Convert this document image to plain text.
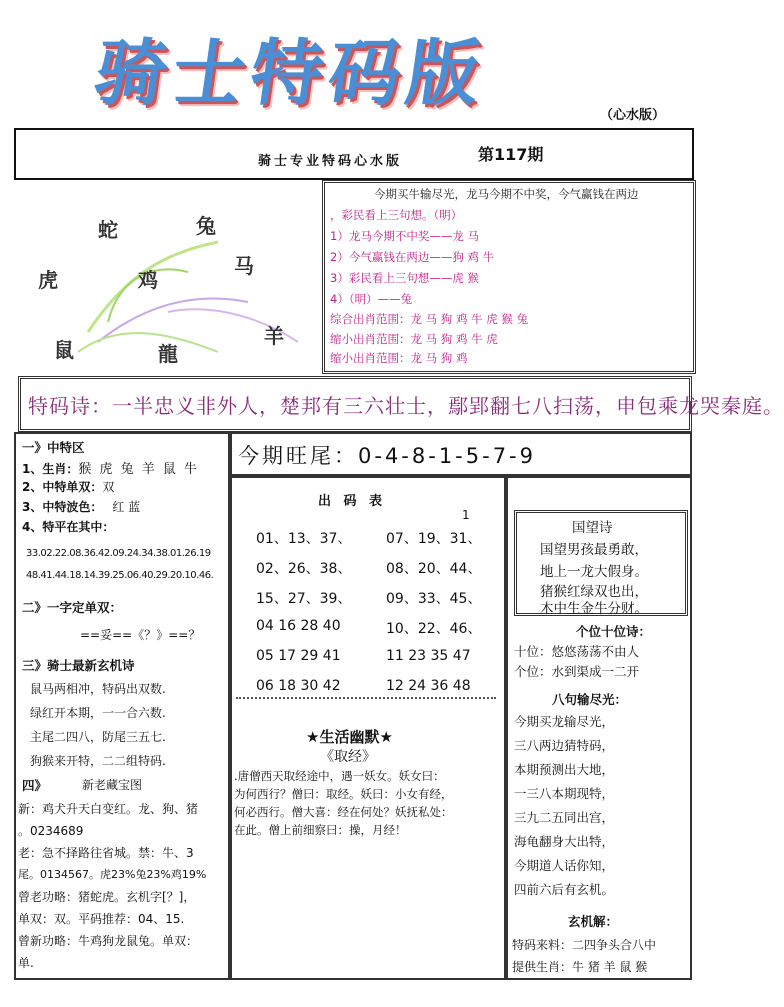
骑士特码版
（心水版）
骑士专业特码心水版	第117期
蛇	兔
虎	鸡
马
鼠
羊
龍
今期买牛输尽光，龙马今期不中奖，今气赢钱在两边
，彩民看上三句想。（明）
1）龙马今期不中奖——龙 马
2）今气赢钱在两边——狗 鸡 牛
3）彩民看上三句想——虎 猴
4）（明）——兔
综合出肖范围：龙 马 狗 鸡 牛 虎 猴 兔
缩小出肖范围：龙 马 狗 鸡 牛 虎
缩小出肖范围：龙 马 狗 鸡
特码诗：一半忠义非外人，楚邦有三六壮士，鄢郢翻七八扫荡，申包乘龙哭秦庭。
一》中特区
1、生肖：猴 虎 兔 羊 鼠 牛
2、中特单双：双
3、中特波色： 红 蓝
4、特平在其中：
33.02.22.08.36.42.09.24.34.38.01.26.19
48.41.44.18.14.39.25.06.40.29.20.10.46.
二》一字定单双：
==妥==《？》==？
三》骑士最新玄机诗
鼠马两相冲，特码出双数.
绿红开本期，一一合六数.
主尾二四八，防尾三五七.
狗猴来开特，二二组特码.
四》	新老藏宝图
新：鸡犬升天白变红。龙、狗、猪
。0234689
老：急不择路往省城。禁：牛、3
尾。0134567。虎23%兔23%鸡19%
曾老功略：猪蛇虎。玄机字[？]，
单双：双。平码推荐：04、15.
曾新功略：牛鸡狗龙鼠兔。单双：
单.
今期旺尾：0-4-8-1-5-7-9
出 码 表
1
01、13、37、 07、19、31、
02、26、38、 08、20、44、
15、27、39、 09、33、45、
04 16 28 40	10、22、46、
05 17 29 41	11 23 35 47
06 18 30 42	12 24 36 48
★生活幽默★
《取经》
.唐僧西天取经途中，遇一妖女。妖女曰：
为何西行？僧曰：取经。妖曰：小女有经，
何必西行。僧大喜：经在何处？妖抚私处：
在此。僧上前细察曰：操，月经！
国望诗
国望男孩最勇敢，
地上一龙大假身。
猪猴红绿双也出，
木中生金牛分财。
个位十位诗：
十位：悠悠荡荡不由人
个位：水到渠成一二开
八句输尽光：
今期买龙输尽光，
三八两边猜特码，
本期预测出大地，
一三八本期现特，
三九二五同出宫，
海龟翻身大出特，
今期道人话你知，
四前六后有玄机。
玄机解：
特码来料：二四争头合八中
提供生肖：牛 猪 羊 鼠 猴
